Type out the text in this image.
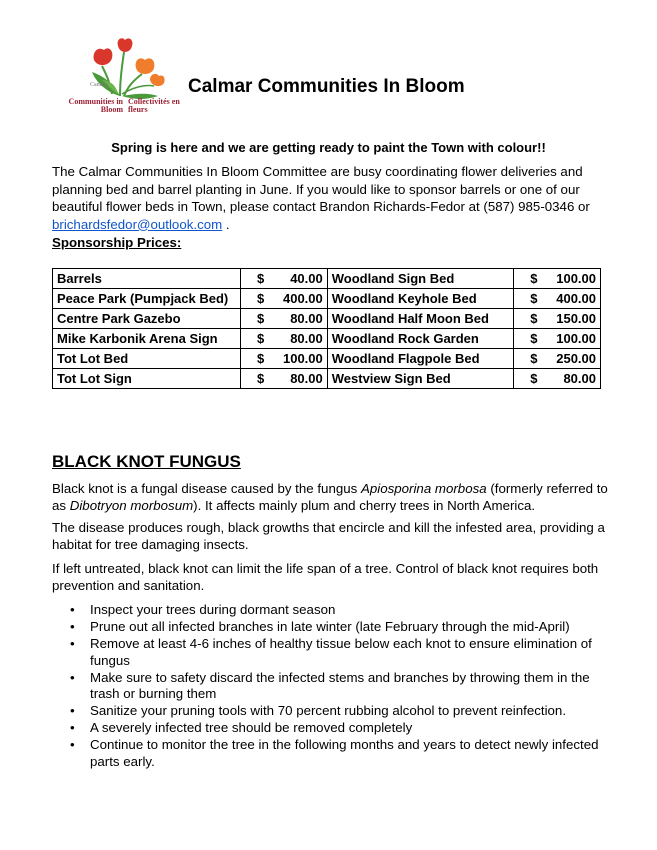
Canada
Communities in Bloom
Collectivités en fleurs
Calmar Communities In Bloom
Spring is here and we are getting ready to paint the Town with colour!!
The Calmar Communities In Bloom Committee are busy coordinating flower deliveries and planning bed and barrel planting in June. If you would like to sponsor barrels or one of our beautiful flower beds in Town, please contact Brandon Richards-Fedor at (587) 985-0346 or brichardsfedor@outlook.com .
Sponsorship Prices:
Barrels	$ 40.00	Woodland Sign Bed	$ 100.00

Peace Park (Pumpjack Bed)	$ 400.00	Woodland Keyhole Bed	$ 400.00

Centre Park Gazebo	$ 80.00	Woodland Half Moon Bed	$ 150.00

Mike Karbonik Arena Sign	$ 80.00	Woodland Rock Garden	$ 100.00

Tot Lot Bed	$ 100.00	Woodland Flagpole Bed	$ 250.00

Tot Lot Sign	$ 80.00	Westview Sign Bed	$ 80.00
BLACK KNOT FUNGUS
Black knot is a fungal disease caused by the fungus Apiosporina morbosa (formerly referred to as Dibotryon morbosum). It affects mainly plum and cherry trees in North America.
The disease produces rough, black growths that encircle and kill the infested area, providing a habitat for tree damaging insects.
If left untreated, black knot can limit the life span of a tree. Control of black knot requires both prevention and sanitation.
• Inspect your trees during dormant season
• Prune out all infected branches in late winter (late February through the mid-April)
• Remove at least 4-6 inches of healthy tissue below each knot to ensure elimination of fungus
• Make sure to safety discard the infected stems and branches by throwing them in the trash or burning them
• Sanitize your pruning tools with 70 percent rubbing alcohol to prevent reinfection.
• A severely infected tree should be removed completely
• Continue to monitor the tree in the following months and years to detect newly infected parts early.
